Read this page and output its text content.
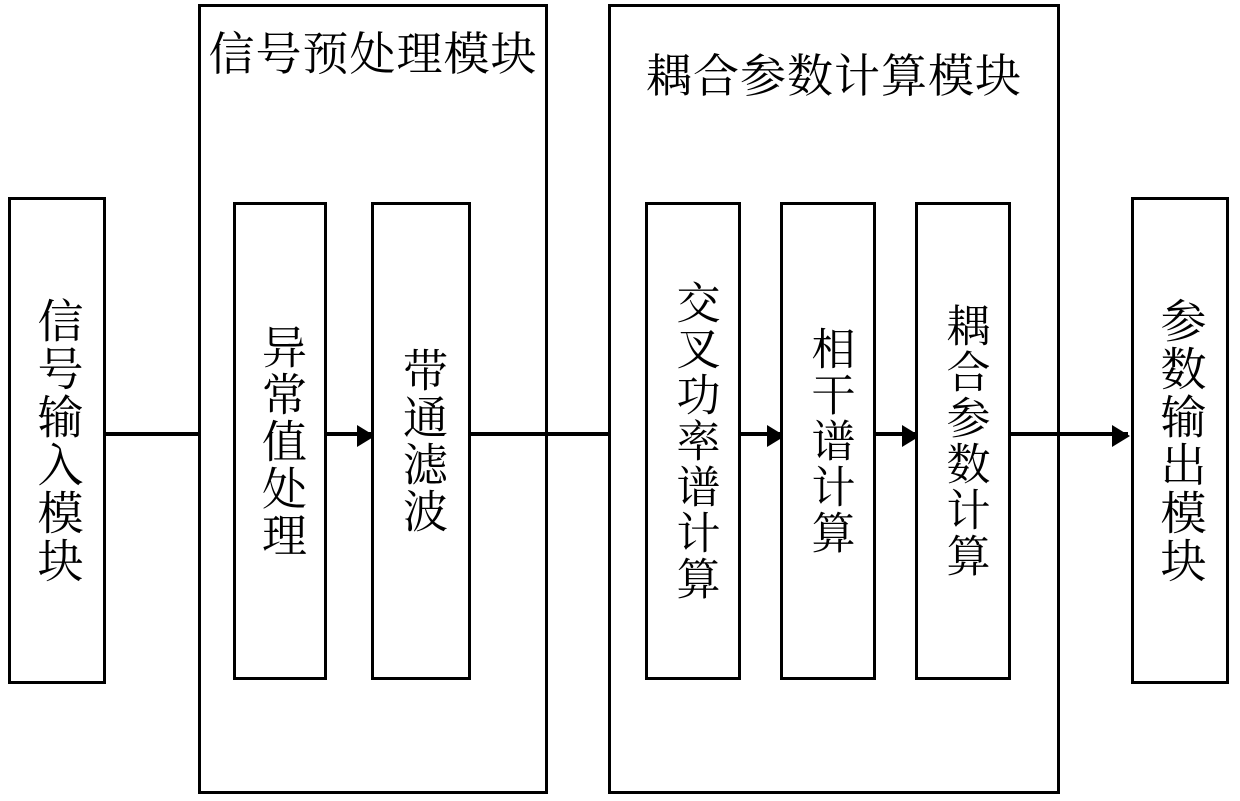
信号输入模块
信号预处理模块
异常值处理 带通滤波
耦合参数计算模块
交叉功率谱计算 相干谱计算 耦合参数计算	参数输出模块
